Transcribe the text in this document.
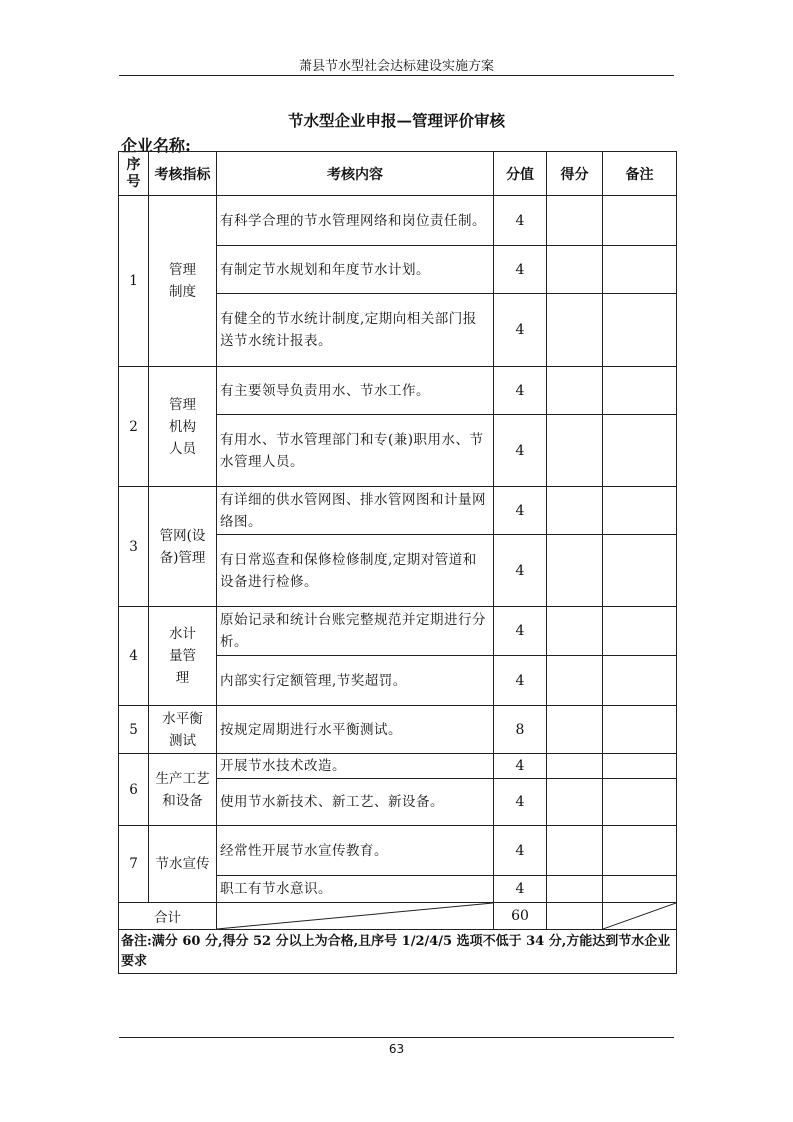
萧县节水型社会达标建设实施方案
节水型企业申报—管理评价审核
企业名称:
序号	考核指标	考核内容	分值	得分	备注
1	管理制度	有科学合理的节水管理网络和岗位责任制。	4		
		有制定节水规划和年度节水计划。	4		
		有健全的节水统计制度,定期向相关部门报送节水统计报表。	4		
2	管理机构人员	有主要领导负责用水、节水工作。	4		
		有用水、节水管理部门和专(兼)职用水、节水管理人员。	4		
3	管网(设备)管理	有详细的供水管网图、排水管网图和计量网络图。	4		
		有日常巡查和保修检修制度,定期对管道和设备进行检修。	4		
4	水计量管理	原始记录和统计台账完整规范并定期进行分析。	4		
		内部实行定额管理,节奖超罚。	4		
5	水平衡测试	按规定周期进行水平衡测试。	8		
6	生产工艺和设备	开展节水技术改造。	4		
		使用节水新技术、新工艺、新设备。	4		
7	节水宣传	经常性开展节水宣传教育。	4		
		职工有节水意识。	4		
合计			60		

备注:满分 60 分,得分 52 分以上为合格,且序号 1/2/4/5 选项不低于 34 分,方能达到节水企业要求					
63
